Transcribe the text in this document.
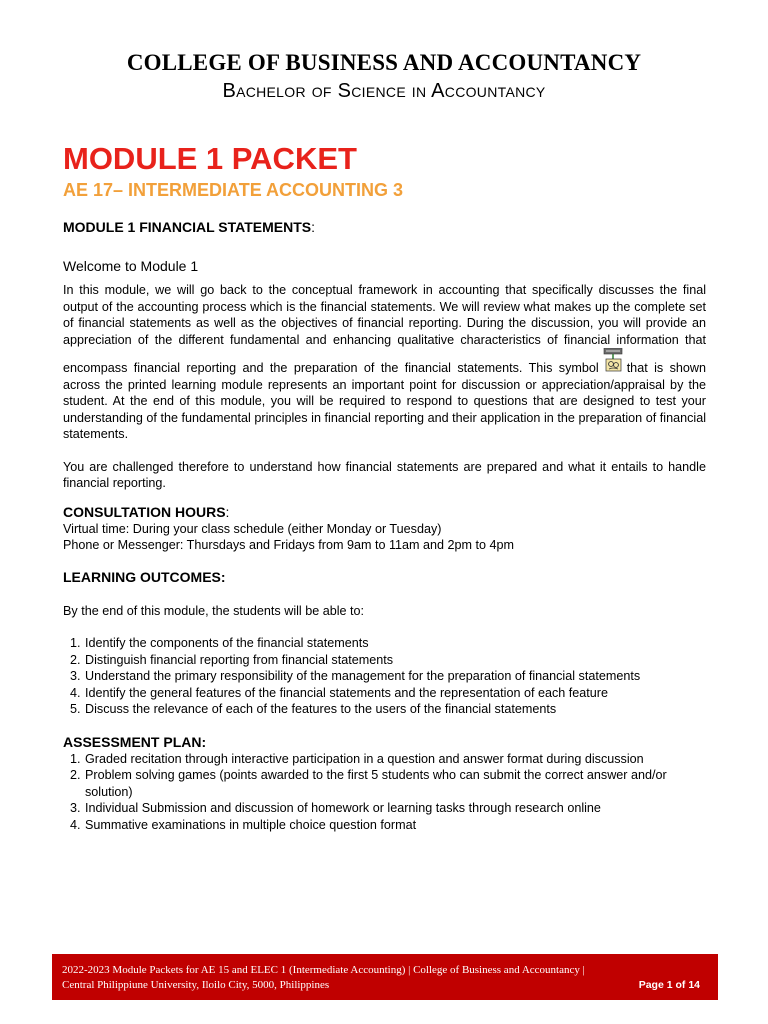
COLLEGE OF BUSINESS AND ACCOUNTANCY

Bachelor of Science in Accountancy
MODULE 1 PACKET
AE 17– INTERMEDIATE ACCOUNTING 3

MODULE 1 FINANCIAL STATEMENTS:

Welcome to Module 1

In this module, we will go back to the conceptual framework in accounting that specifically discusses the final output of the accounting process which is the financial statements. We will review what makes up the complete set of financial statements as well as the objectives of financial reporting. During the discussion, you will provide an appreciation of the different fundamental and enhancing qualitative characteristics of financial information that encompass financial reporting and the preparation of the financial statements. This symbol that is shown across the printed learning module represents an important point for discussion or appreciation/appraisal by the student. At the end of this module, you will be required to respond to questions that are designed to test your understanding of the fundamental principles in financial reporting and their application in the preparation of financial statements.

You are challenged therefore to understand how financial statements are prepared and what it entails to handle financial reporting.

CONSULTATION HOURS:

Virtual time: During your class schedule (either Monday or Tuesday)

Phone or Messenger: Thursdays and Fridays from 9am to 11am and 2pm to 4pm

LEARNING OUTCOMES:

By the end of this module, the students will be able to:

1. Identify the components of the financial statements
2. Distinguish financial reporting from financial statements
3. Understand the primary responsibility of the management for the preparation of financial statements
4. Identify the general features of the financial statements and the representation of each feature
5. Discuss the relevance of each of the features to the users of the financial statements

ASSESSMENT PLAN:

1. Graded recitation through interactive participation in a question and answer format during discussion
2. Problem solving games (points awarded to the first 5 students who can submit the correct answer and/or solution)
3. Individual Submission and discussion of homework or learning tasks through research online
4. Summative examinations in multiple choice question format
2022-2023 Module Packets for AE 15 and ELEC 1 (Intermediate Accounting) | College of Business and Accountancy |
Central Philippiune University, Iloilo City, 5000, Philippines	Page 1 of 14
